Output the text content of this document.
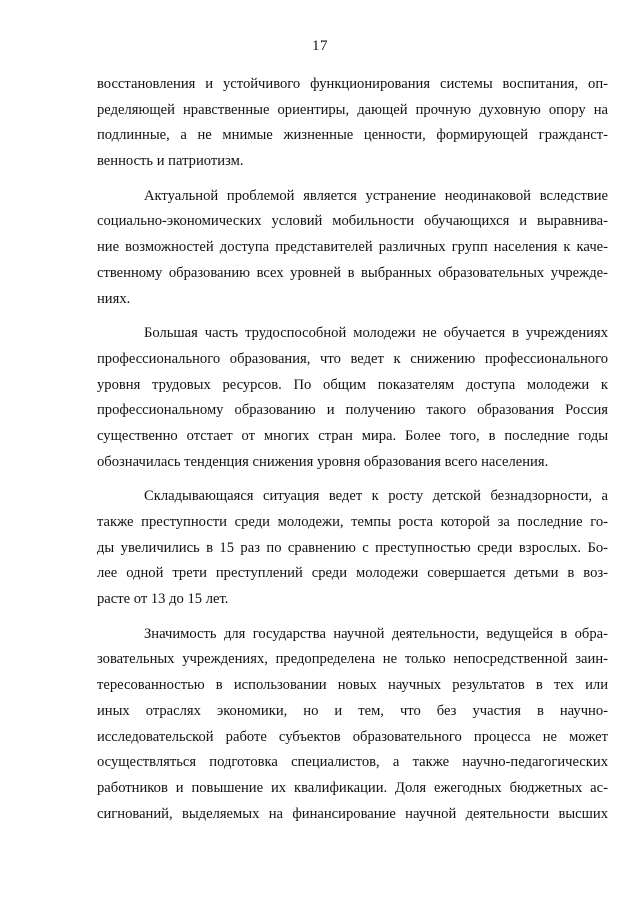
17
восстановления и устойчивого функционирования системы воспитания, оп-
ределяющей нравственные ориентиры, дающей прочную духовную опору на
подлинные, а не мнимые жизненные ценности, формирующей гражданст-
венность и патриотизм.
Актуальной проблемой является устранение неодинаковой вследствие
социально-экономических условий мобильности обучающихся и выравнива-
ние возможностей доступа представителей различных групп населения к каче-
ственному образованию всех уровней в выбранных образовательных учрежде-
ниях.
Большая часть трудоспособной молодежи не обучается в учреждениях
профессионального образования, что ведет к снижению профессионального
уровня трудовых ресурсов. По общим показателям доступа молодежи к
профессиональному образованию и получению такого образования Россия
существенно отстает от многих стран мира. Более того, в последние годы
обозначилась тенденция снижения уровня образования всего населения.
Складывающаяся ситуация ведет к росту детской безнадзорности, а
также преступности среди молодежи, темпы роста которой за последние го-
ды увеличились в 15 раз по сравнению с преступностью среди взрослых. Бо-
лее одной трети преступлений среди молодежи совершается детьми в воз-
расте от 13 до 15 лет.
Значимость для государства научной деятельности, ведущейся в обра-
зовательных учреждениях, предопределена не только непосредственной заин-
тересованностью в использовании новых научных результатов в тех или
иных отраслях экономики, но и тем, что без участия в научно-
исследовательской работе субъектов образовательного процесса не может
осуществляться подготовка специалистов, а также научно-педагогических
работников и повышение их квалификации. Доля ежегодных бюджетных ас-
сигнований, выделяемых на финансирование научной деятельности высших
